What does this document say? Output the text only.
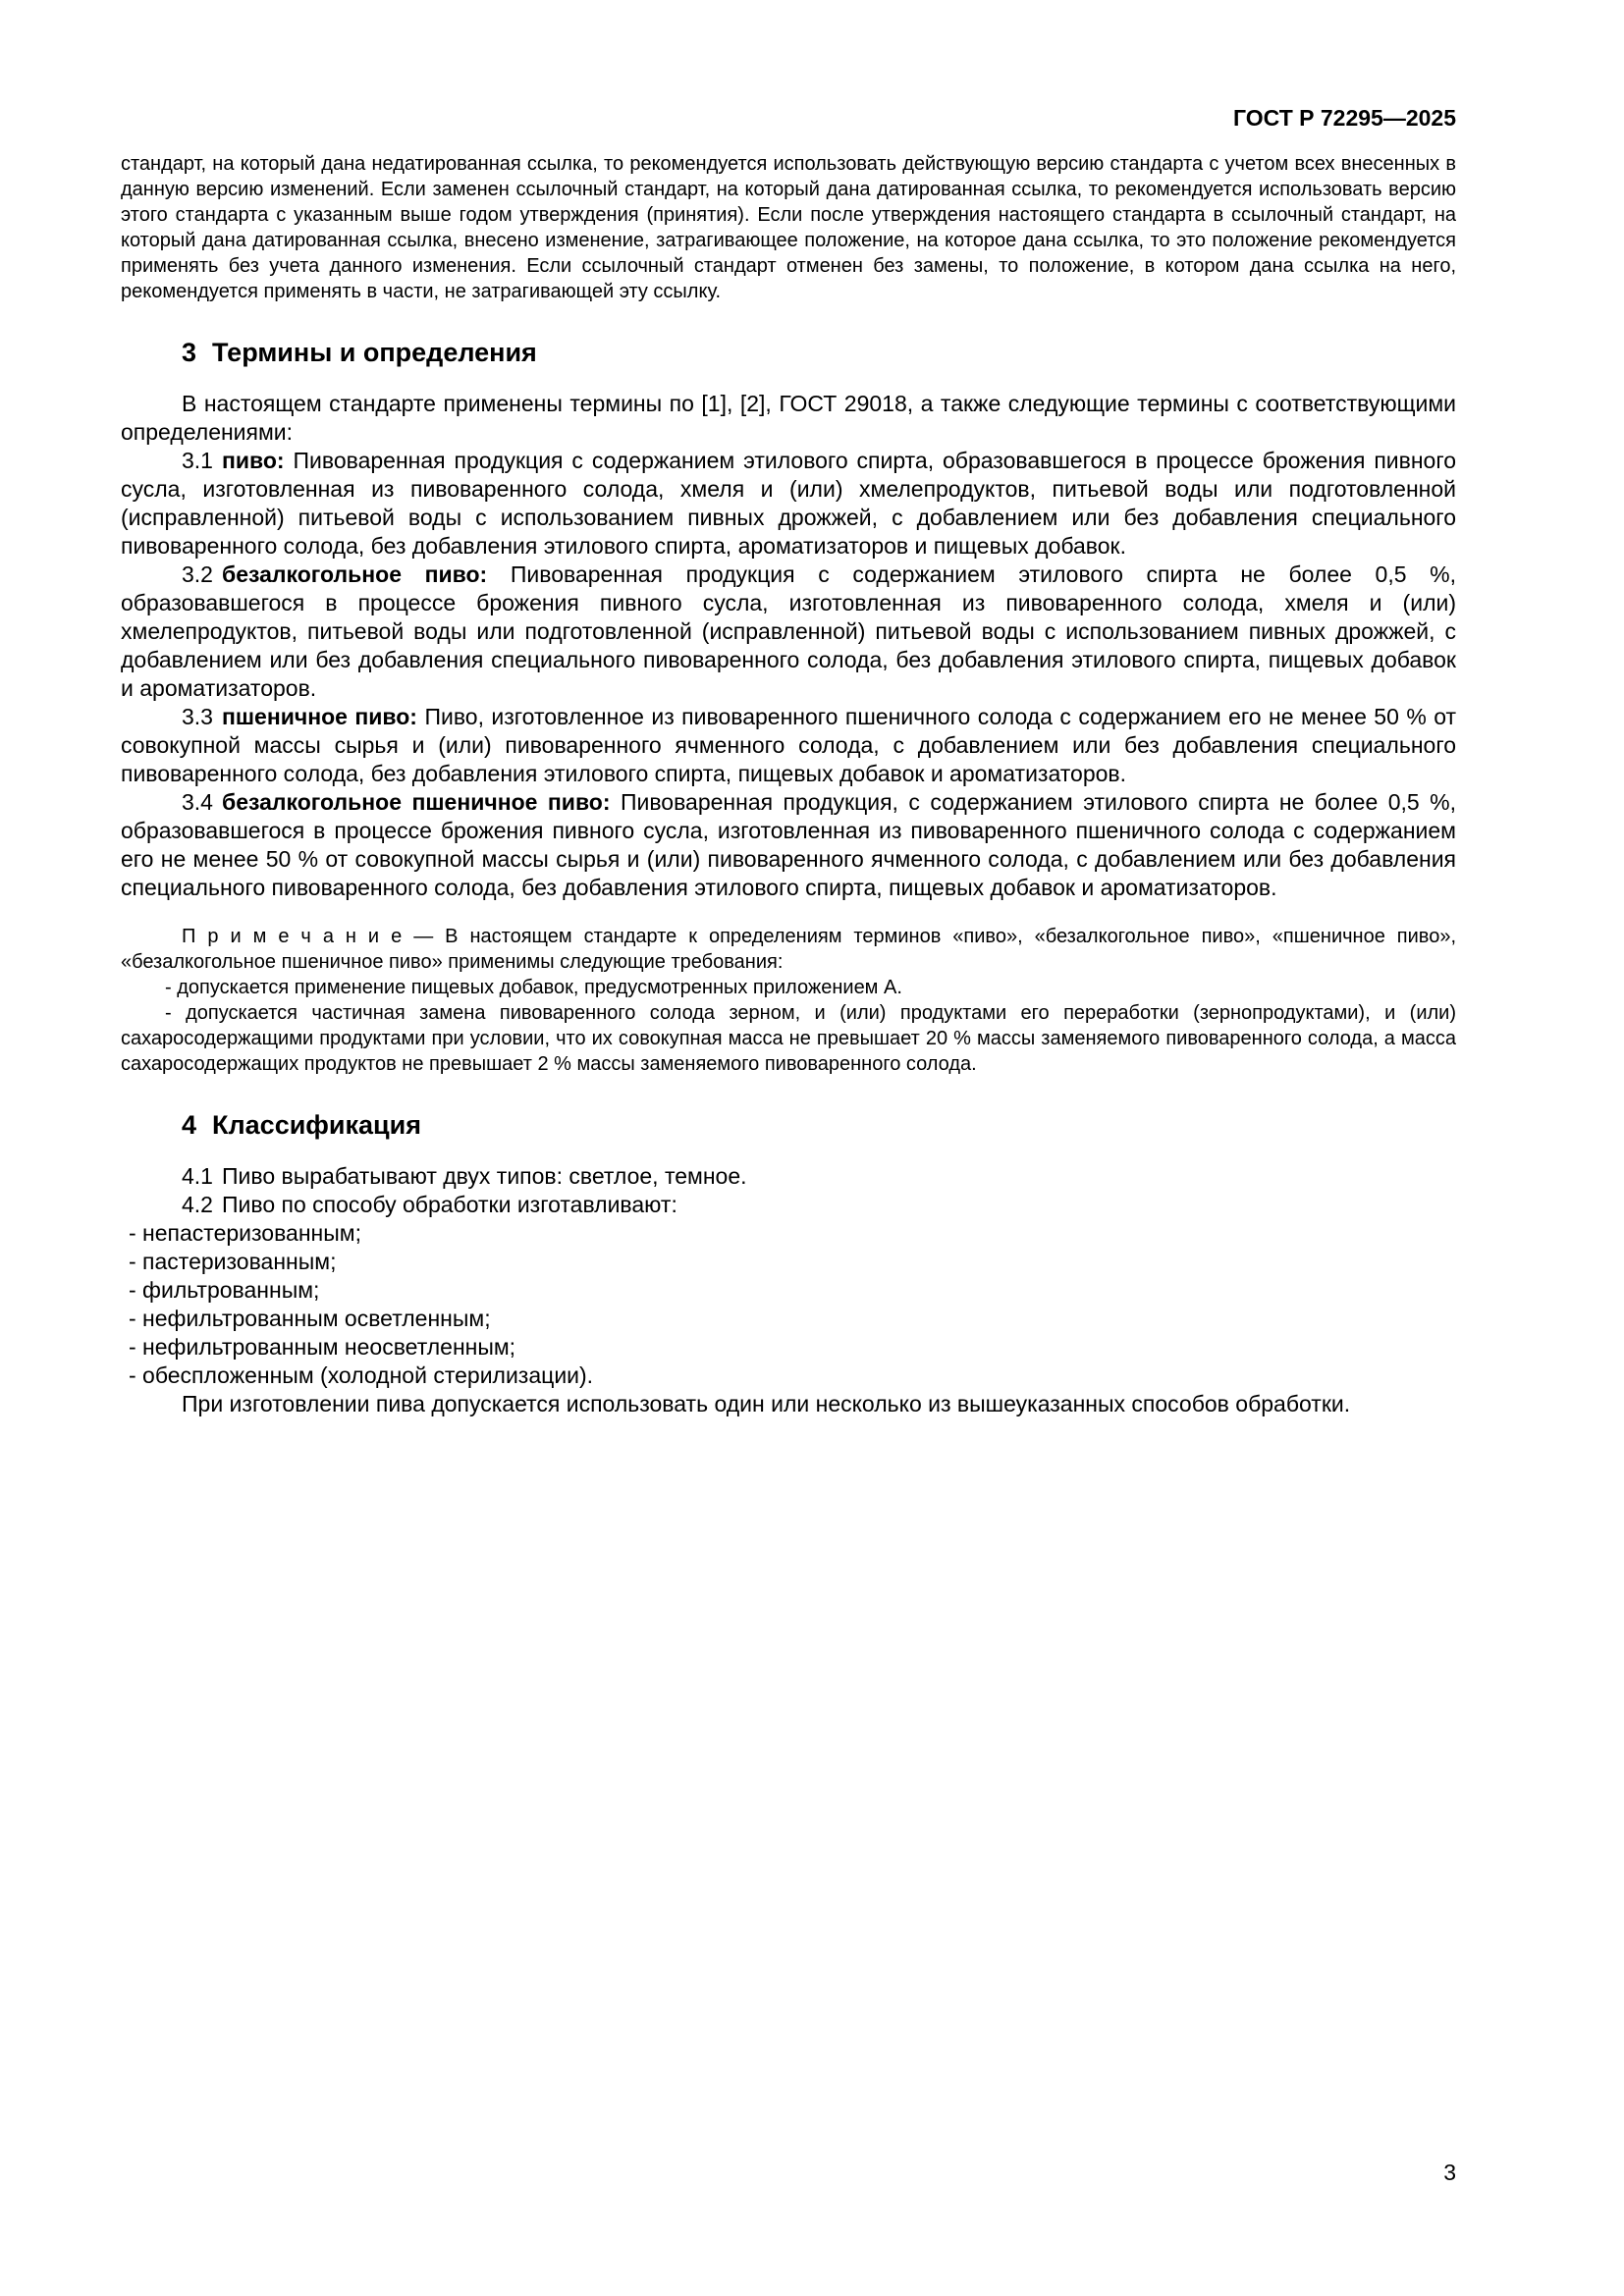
ГОСТ Р 72295—2025

стандарт, на который дана недатированная ссылка, то рекомендуется использовать действующую версию стандарта с учетом всех внесенных в данную версию изменений. Если заменен ссылочный стандарт, на который дана датированная ссылка, то рекомендуется использовать версию этого стандарта с указанным выше годом утверждения (принятия). Если после утверждения настоящего стандарта в ссылочный стандарт, на который дана датированная ссылка, внесено изменение, затрагивающее положение, на которое дана ссылка, то это положение рекомендуется применять без учета данного изменения. Если ссылочный стандарт отменен без замены, то положение, в котором дана ссылка на него, рекомендуется применять в части, не затрагивающей эту ссылку.

3 Термины и определения

В настоящем стандарте применены термины по [1], [2], ГОСТ 29018, а также следующие термины с соответствующими определениями:

3.1 пиво: Пивоваренная продукция с содержанием этилового спирта, образовавшегося в процессе брожения пивного сусла, изготовленная из пивоваренного солода, хмеля и (или) хмелепродуктов, питьевой воды или подготовленной (исправленной) питьевой воды с использованием пивных дрожжей, с добавлением или без добавления специального пивоваренного солода, без добавления этилового спирта, ароматизаторов и пищевых добавок.

3.2 безалкогольное пиво: Пивоваренная продукция с содержанием этилового спирта не более 0,5 %, образовавшегося в процессе брожения пивного сусла, изготовленная из пивоваренного солода, хмеля и (или) хмелепродуктов, питьевой воды или подготовленной (исправленной) питьевой воды с использованием пивных дрожжей, с добавлением или без добавления специального пивоваренного солода, без добавления этилового спирта, пищевых добавок и ароматизаторов.

3.3 пшеничное пиво: Пиво, изготовленное из пивоваренного пшеничного солода с содержанием его не менее 50 % от совокупной массы сырья и (или) пивоваренного ячменного солода, с добавлением или без добавления специального пивоваренного солода, без добавления этилового спирта, пищевых добавок и ароматизаторов.

3.4 безалкогольное пшеничное пиво: Пивоваренная продукция, с содержанием этилового спирта не более 0,5 %, образовавшегося в процессе брожения пивного сусла, изготовленная из пивоваренного пшеничного солода с содержанием его не менее 50 % от совокупной массы сырья и (или) пивоваренного ячменного солода, с добавлением или без добавления специального пивоваренного солода, без добавления этилового спирта, пищевых добавок и ароматизаторов.

П р и м е ч а н и е — В настоящем стандарте к определениям терминов «пиво», «безалкогольное пиво», «пшеничное пиво», «безалкогольное пшеничное пиво» применимы следующие требования:

- допускается применение пищевых добавок, предусмотренных приложением А.

- допускается частичная замена пивоваренного солода зерном, и (или) продуктами его переработки (зернопродуктами), и (или) сахаросодержащими продуктами при условии, что их совокупная масса не превышает 20 % массы заменяемого пивоваренного солода, а масса сахаросодержащих продуктов не превышает 2 % массы заменяемого пивоваренного солода.

4 Классификация

4.1 Пиво вырабатывают двух типов: светлое, темное.

4.2 Пиво по способу обработки изготавливают:

- непастеризованным;

- пастеризованным;

- фильтрованным;

- нефильтрованным осветленным;

- нефильтрованным неосветленным;

- обеспложенным (холодной стерилизации).

При изготовлении пива допускается использовать один или несколько из вышеуказанных способов обработки.

3
